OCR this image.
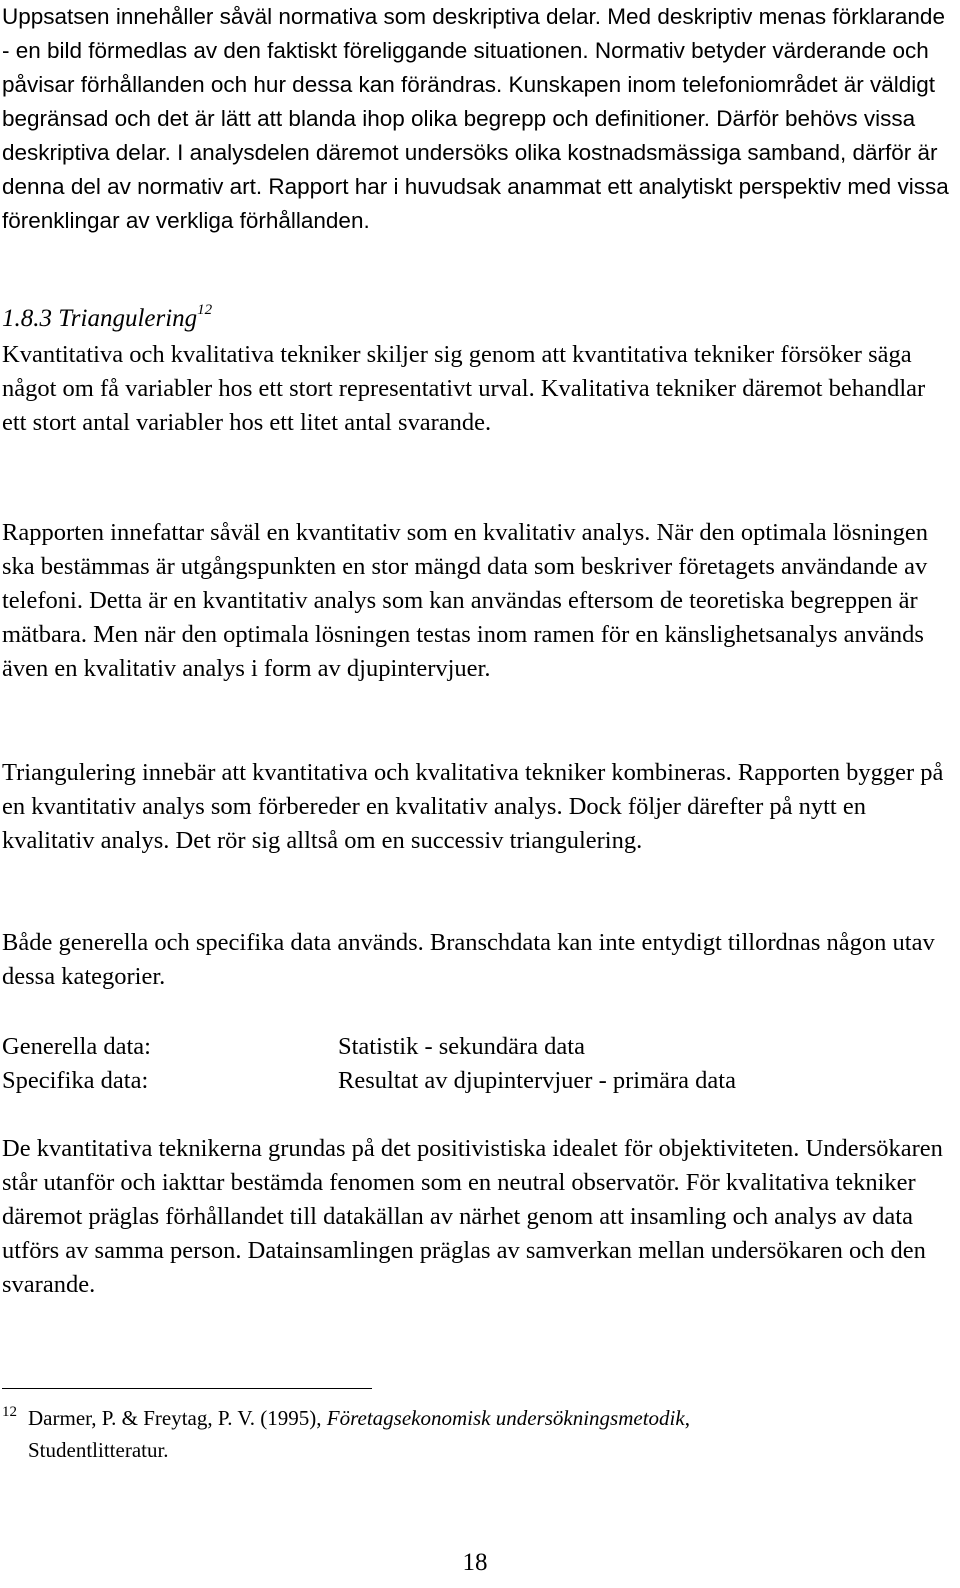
Uppsatsen innehåller såväl normativa som deskriptiva delar. Med deskriptiv menas förklarande - en bild förmedlas av den faktiskt föreliggande situationen. Normativ betyder värderande och påvisar förhållanden och hur dessa kan förändras. Kunskapen inom telefoniområdet är väldigt begränsad och det är lätt att blanda ihop olika begrepp och definitioner. Därför behövs vissa deskriptiva delar. I analysdelen däremot undersöks olika kostnadsmässiga samband, därför är denna del av normativ art. Rapport har i huvudsak anammat ett analytiskt perspektiv med vissa förenklingar av verkliga förhållanden.

1.8.3 Triangulering$^{12}$

Kvantitativa och kvalitativa tekniker skiljer sig genom att kvantitativa tekniker försöker säga något om få variabler hos ett stort representativt urval. Kvalitativa tekniker däremot behandlar ett stort antal variabler hos ett litet antal svarande.

Rapporten innefattar såväl en kvantitativ som en kvalitativ analys. När den optimala lösningen ska bestämmas är utgångspunkten en stor mängd data som beskriver företagets användande av telefoni. Detta är en kvantitativ analys som kan användas eftersom de teoretiska begreppen är mätbara. Men när den optimala lösningen testas inom ramen för en känslighetsanalys används även en kvalitativ analys i form av djupintervjuer.

Triangulering innebär att kvantitativa och kvalitativa tekniker kombineras. Rapporten bygger på en kvantitativ analys som förbereder en kvalitativ analys. Dock följer därefter på nytt en kvalitativ analys. Det rör sig alltså om en successiv triangulering.

Både generella och specifika data används. Branschdata kan inte entydigt tillordnas någon utav dessa kategorier.

Generella data:	Statistik - sekundära data
Specifika data:	Resultat av djupintervjuer - primära data

De kvantitativa teknikerna grundas på det positivistiska idealet för objektiviteten. Undersökaren står utanför och iakttar bestämda fenomen som en neutral observatör. För kvalitativa tekniker däremot präglas förhållandet till datakällan av närhet genom att insamling och analys av data utförs av samma person. Datainsamlingen präglas av samverkan mellan undersökaren och den svarande.

12 Darmer, P. & Freytag, P. V. (1995), Företagsekonomisk undersökningsmetodik,
Studentlitteratur.
18
